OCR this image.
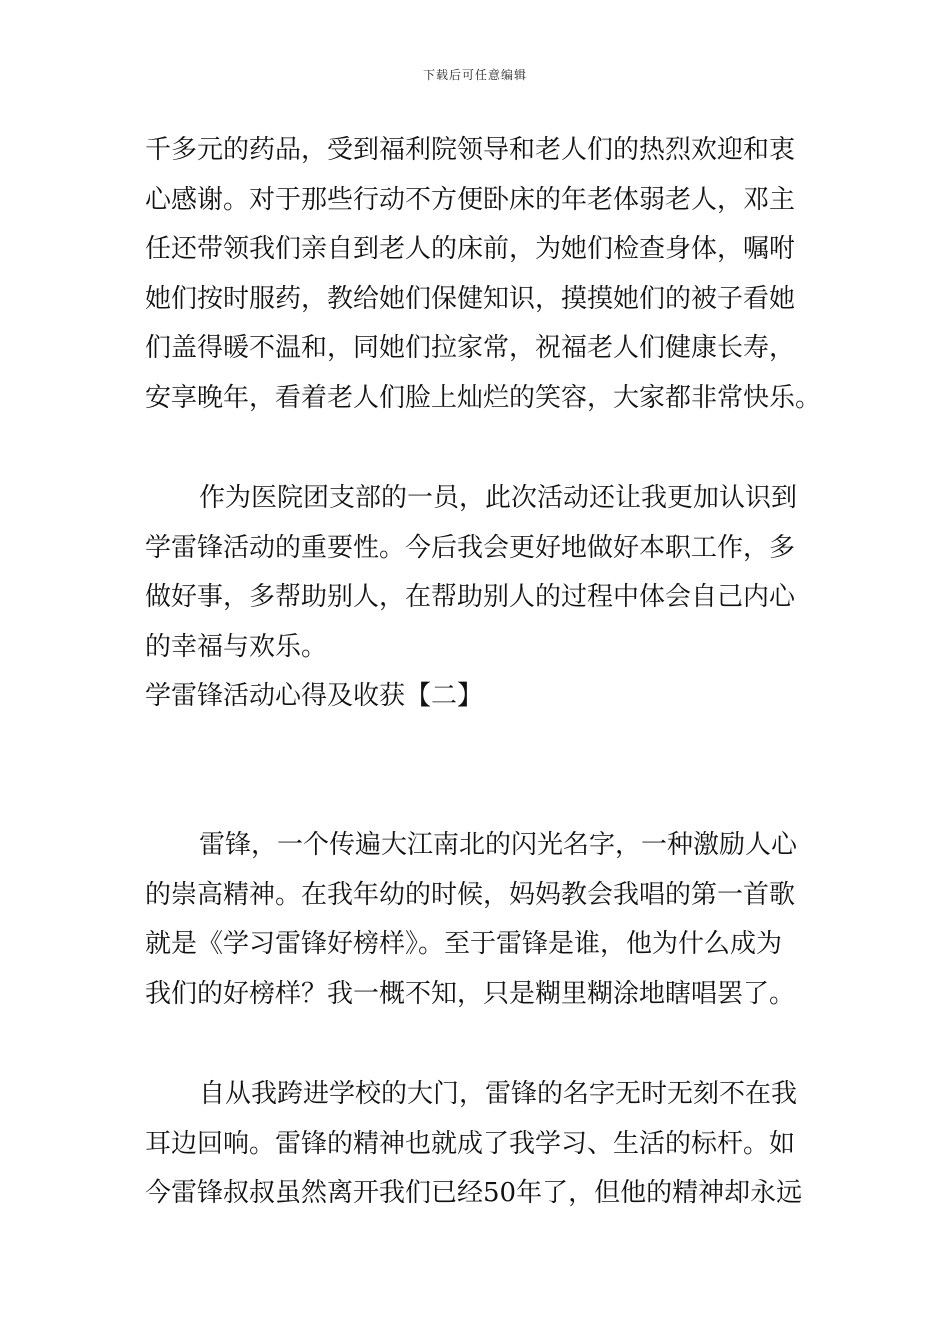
下载后可任意编辑
千多元的药品，受到福利院领导和老人们的热烈欢迎和衷
心感谢。对于那些行动不方便卧床的年老体弱老人，邓主
任还带领我们亲自到老人的床前，为她们检查身体，嘱咐
她们按时服药，教给她们保健知识，摸摸她们的被子看她
们盖得暖不温和，同她们拉家常，祝福老人们健康长寿，
安享晚年，看着老人们脸上灿烂的笑容，大家都非常快乐。
作为医院团支部的一员，此次活动还让我更加认识到
学雷锋活动的重要性。今后我会更好地做好本职工作，多
做好事，多帮助别人，在帮助别人的过程中体会自己内心
的幸福与欢乐。
学雷锋活动心得及收获【二】
雷锋，一个传遍大江南北的闪光名字，一种激励人心
的崇高精神。在我年幼的时候，妈妈教会我唱的第一首歌
就是《学习雷锋好榜样》。至于雷锋是谁，他为什么成为
我们的好榜样？我一概不知，只是糊里糊涂地瞎唱罢了。
自从我跨进学校的大门，雷锋的名字无时无刻不在我
耳边回响。雷锋的精神也就成了我学习、生活的标杆。如
今雷锋叔叔虽然离开我们已经50年了，但他的精神却永远
